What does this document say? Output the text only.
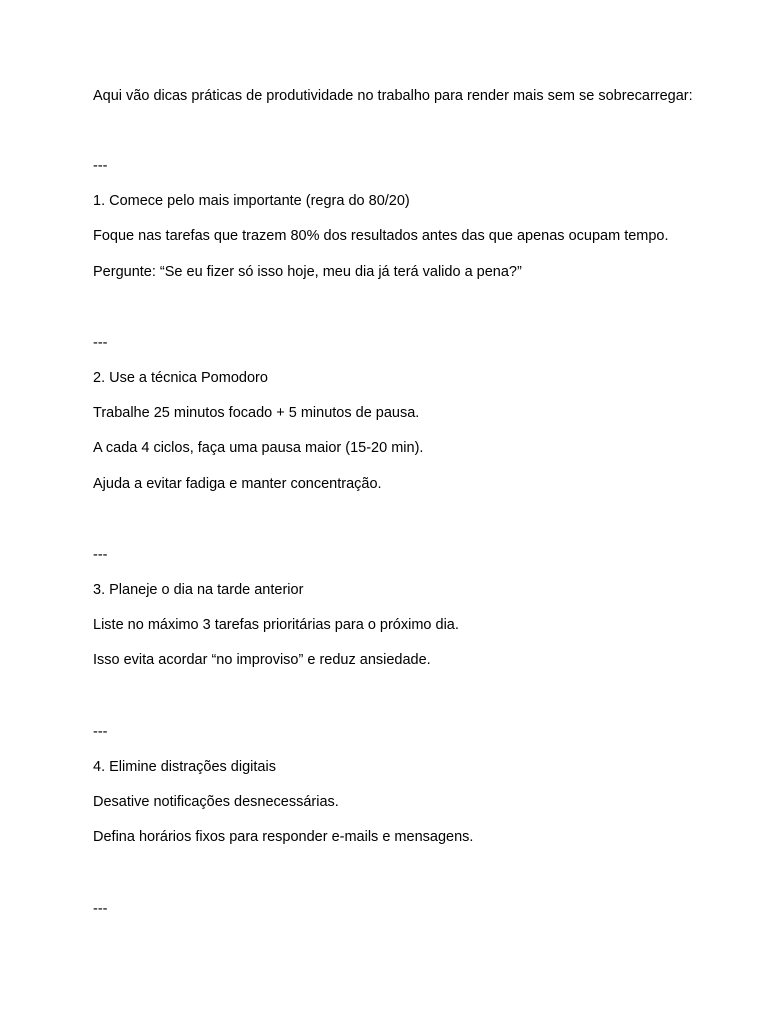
Aqui vão dicas práticas de produtividade no trabalho para render mais sem se sobrecarregar:
---
1. Comece pelo mais importante (regra do 80/20)
Foque nas tarefas que trazem 80% dos resultados antes das que apenas ocupam tempo.
Pergunte: “Se eu fizer só isso hoje, meu dia já terá valido a pena?”
---
2. Use a técnica Pomodoro
Trabalhe 25 minutos focado + 5 minutos de pausa.
A cada 4 ciclos, faça uma pausa maior (15-20 min).
Ajuda a evitar fadiga e manter concentração.
---
3. Planeje o dia na tarde anterior
Liste no máximo 3 tarefas prioritárias para o próximo dia.
Isso evita acordar “no improviso” e reduz ansiedade.
---
4. Elimine distrações digitais
Desative notificações desnecessárias.
Defina horários fixos para responder e-mails e mensagens.
---
